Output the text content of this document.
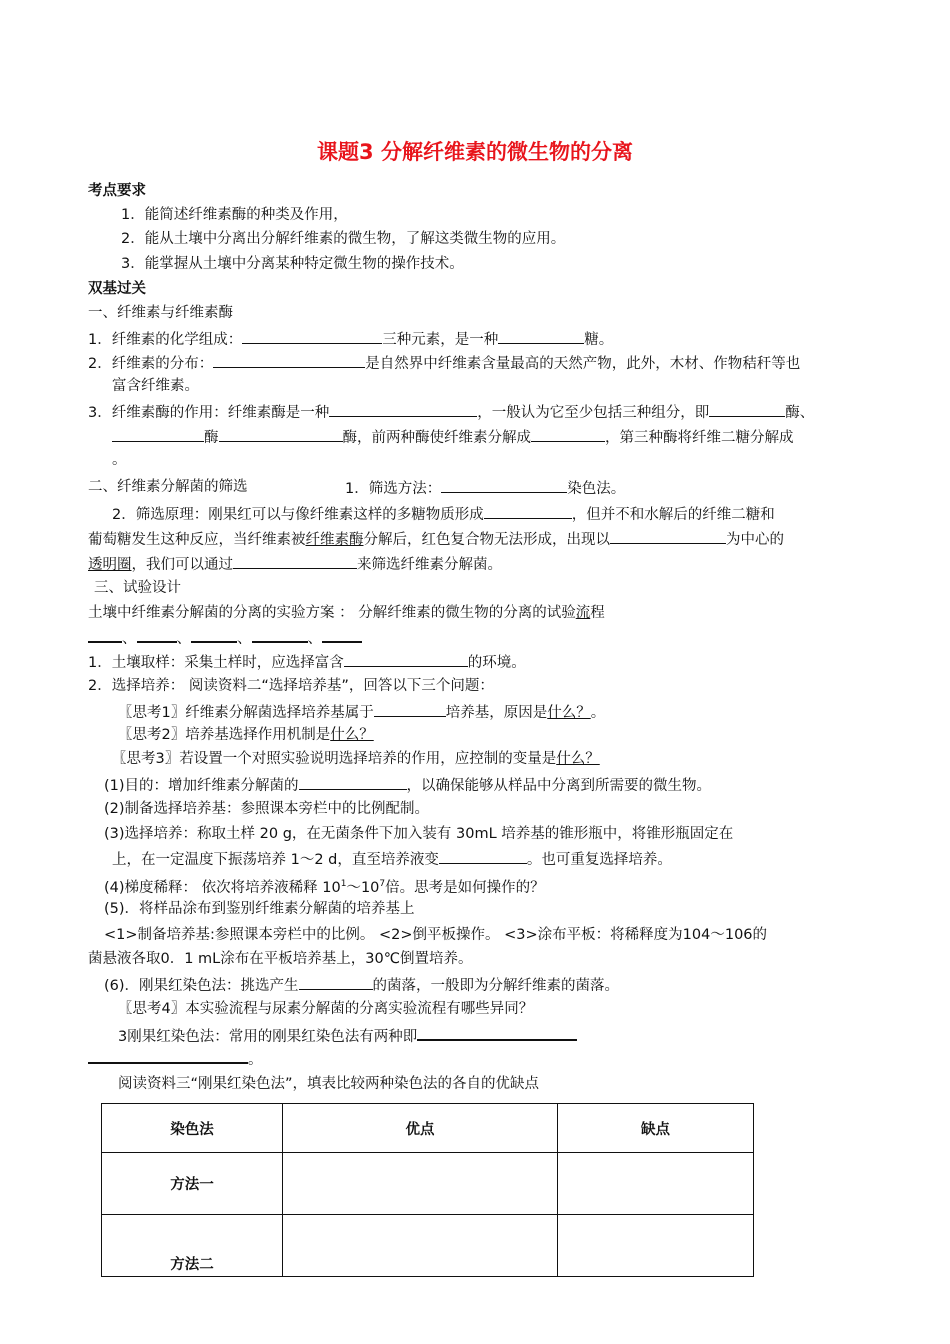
课题3 分解纤维素的微生物的分离
考点要求
1．能简述纤维素酶的种类及作用，
2．能从土壤中分离出分解纤维素的微生物，了解这类微生物的应用。
3．能掌握从土壤中分离某种特定微生物的操作技术。
双基过关
一、纤维素与纤维素酶
1．纤维素的化学组成：	三种元素，是一种	糖。
2．纤维素的分布：	是自然界中纤维素含量最高的天然产物，此外，木材、作物秸秆等也
富含纤维素。
3．纤维素酶的作用：纤维素酶是一种	，一般认为它至少包括三种组分，即	酶、
酶	酶，前两种酶使纤维素分解成	，第三种酶将纤维二糖分解成
。
二、纤维素分解菌的筛选	1．筛选方法：	染色法。
2．筛选原理：刚果红可以与像纤维素这样的多糖物质形成	，但并不和水解后的纤维二糖和
葡萄糖发生这种反应，当纤维素被纤维素酶分解后，红色复合物无法形成，出现以	为中心的
透明圈，我们可以通过	来筛选纤维素分解菌。
三、试验设计
土壤中纤维素分解菌的分离的实验方案 ： 分解纤维素的微生物的分离的试验流程
、	、	、	、
1．土壤取样：采集土样时，应选择富含	的环境。
2．选择培养： 阅读资料二“选择培养基”，回答以下三个问题：
〖思考1〗纤维素分解菌选择培养基属于	培养基，原因是什么？。
〖思考2〗培养基选择作用机制是什么？
〖思考3〗若设置一个对照实验说明选择培养的作用，应控制的变量是什么？
(1)目的：增加纤维素分解菌的	，以确保能够从样品中分离到所需要的微生物。
(2)制备选择培养基：参照课本旁栏中的比例配制。
(3)选择培养：称取土样 20 g，在无菌条件下加入装有 30mL 培养基的锥形瓶中，将锥形瓶固定在
上，在一定温度下振荡培养 1～2 d，直至培养液变	。也可重复选择培养。
(4)梯度稀释： 依次将培养液稀释 $10^1\sim 10^7$倍。思考是如何操作的？
(5)．将样品涂布到鉴别纤维素分解菌的培养基上
<1>制备培养基:参照课本旁栏中的比例。 <2>倒平板操作。 <3>涂布平板：将稀释度为104～106的
菌悬液各取0．1 mL涂布在平板培养基上，30℃倒置培养。
(6)．刚果红染色法：挑选产生	的菌落，一般即为分解纤维素的菌落。
〖思考4〗本实验流程与尿素分解菌的分离实验流程有哪些异同？
3刚果红染色法：常用的刚果红染色法有两种即
。
阅读资料三“刚果红染色法”，填表比较两种染色法的各自的优缺点
染色法	优点	缺点
方法一		
方法二		
